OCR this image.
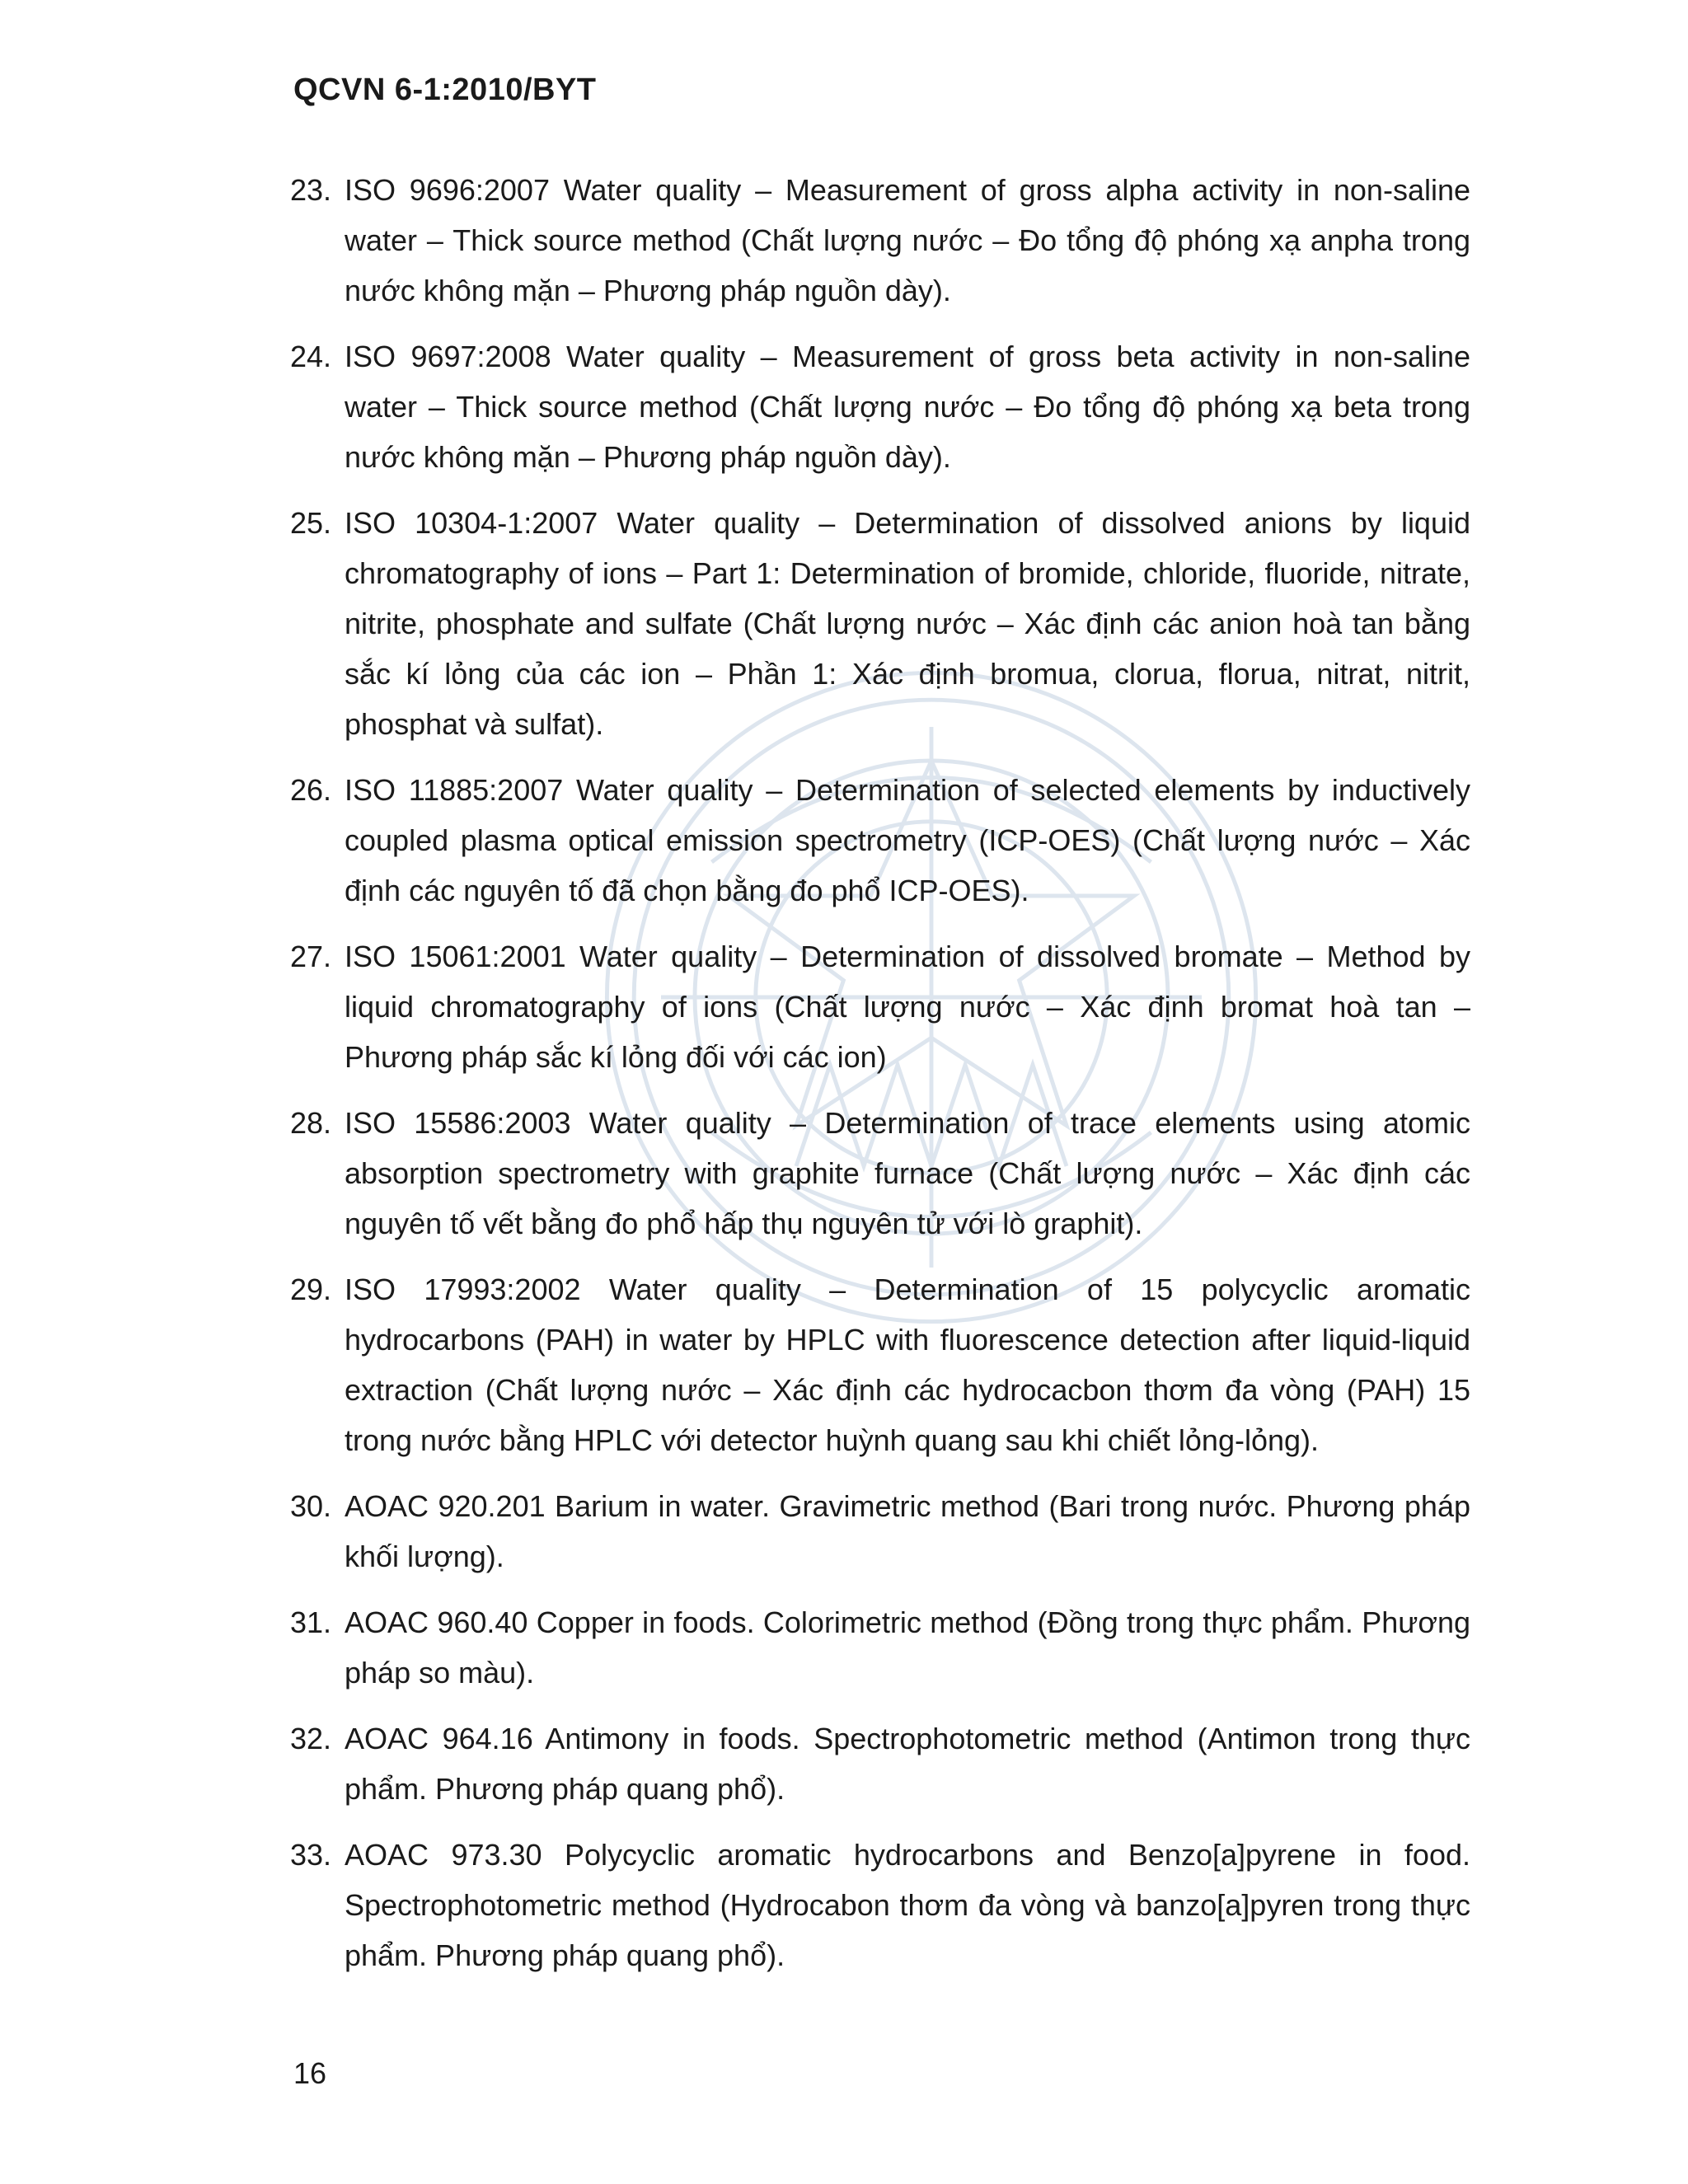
QCVN 6-1:2010/BYT
23. ISO 9696:2007 Water quality – Measurement of gross alpha activity in non-saline water – Thick source method (Chất lượng nước – Đo tổng độ phóng xạ anpha trong nước không mặn – Phương pháp nguồn dày).
24. ISO 9697:2008 Water quality – Measurement of gross beta activity in non-saline water – Thick source method (Chất lượng nước – Đo tổng độ phóng xạ beta trong nước không mặn – Phương pháp nguồn dày).
25. ISO 10304-1:2007 Water quality – Determination of dissolved anions by liquid chromatography of ions – Part 1: Determination of bromide, chloride, fluoride, nitrate, nitrite, phosphate and sulfate (Chất lượng nước – Xác định các anion hoà tan bằng sắc kí lỏng của các ion – Phần 1: Xác định bromua, clorua, florua, nitrat, nitrit, phosphat và sulfat).
26. ISO 11885:2007 Water quality – Determination of selected elements by inductively coupled plasma optical emission spectrometry (ICP-OES) (Chất lượng nước – Xác định các nguyên tố đã chọn bằng đo phổ ICP-OES).
27. ISO 15061:2001 Water quality – Determination of dissolved bromate – Method by liquid chromatography of ions (Chất lượng nước – Xác định bromat hoà tan – Phương pháp sắc kí lỏng đối với các ion)
28. ISO 15586:2003 Water quality – Determination of trace elements using atomic absorption spectrometry with graphite furnace (Chất lượng nước – Xác định các nguyên tố vết bằng đo phổ hấp thụ nguyên tử với lò graphit).
29. ISO 17993:2002 Water quality – Determination of 15 polycyclic aromatic hydrocarbons (PAH) in water by HPLC with fluorescence detection after liquid-liquid extraction (Chất lượng nước – Xác định các hydrocacbon thơm đa vòng (PAH) 15 trong nước bằng HPLC với detector huỳnh quang sau khi chiết lỏng-lỏng).
30. AOAC 920.201 Barium in water. Gravimetric method (Bari trong nước. Phương pháp khối lượng).
31. AOAC 960.40 Copper in foods. Colorimetric method (Đồng trong thực phẩm. Phương pháp so màu).
32. AOAC 964.16 Antimony in foods. Spectrophotometric method (Antimon trong thực phẩm. Phương pháp quang phổ).
33. AOAC 973.30 Polycyclic aromatic hydrocarbons and Benzo[a]pyrene in food. Spectrophotometric method (Hydrocabon thơm đa vòng và banzo[a]pyren trong thực phẩm. Phương pháp quang phổ).
16
